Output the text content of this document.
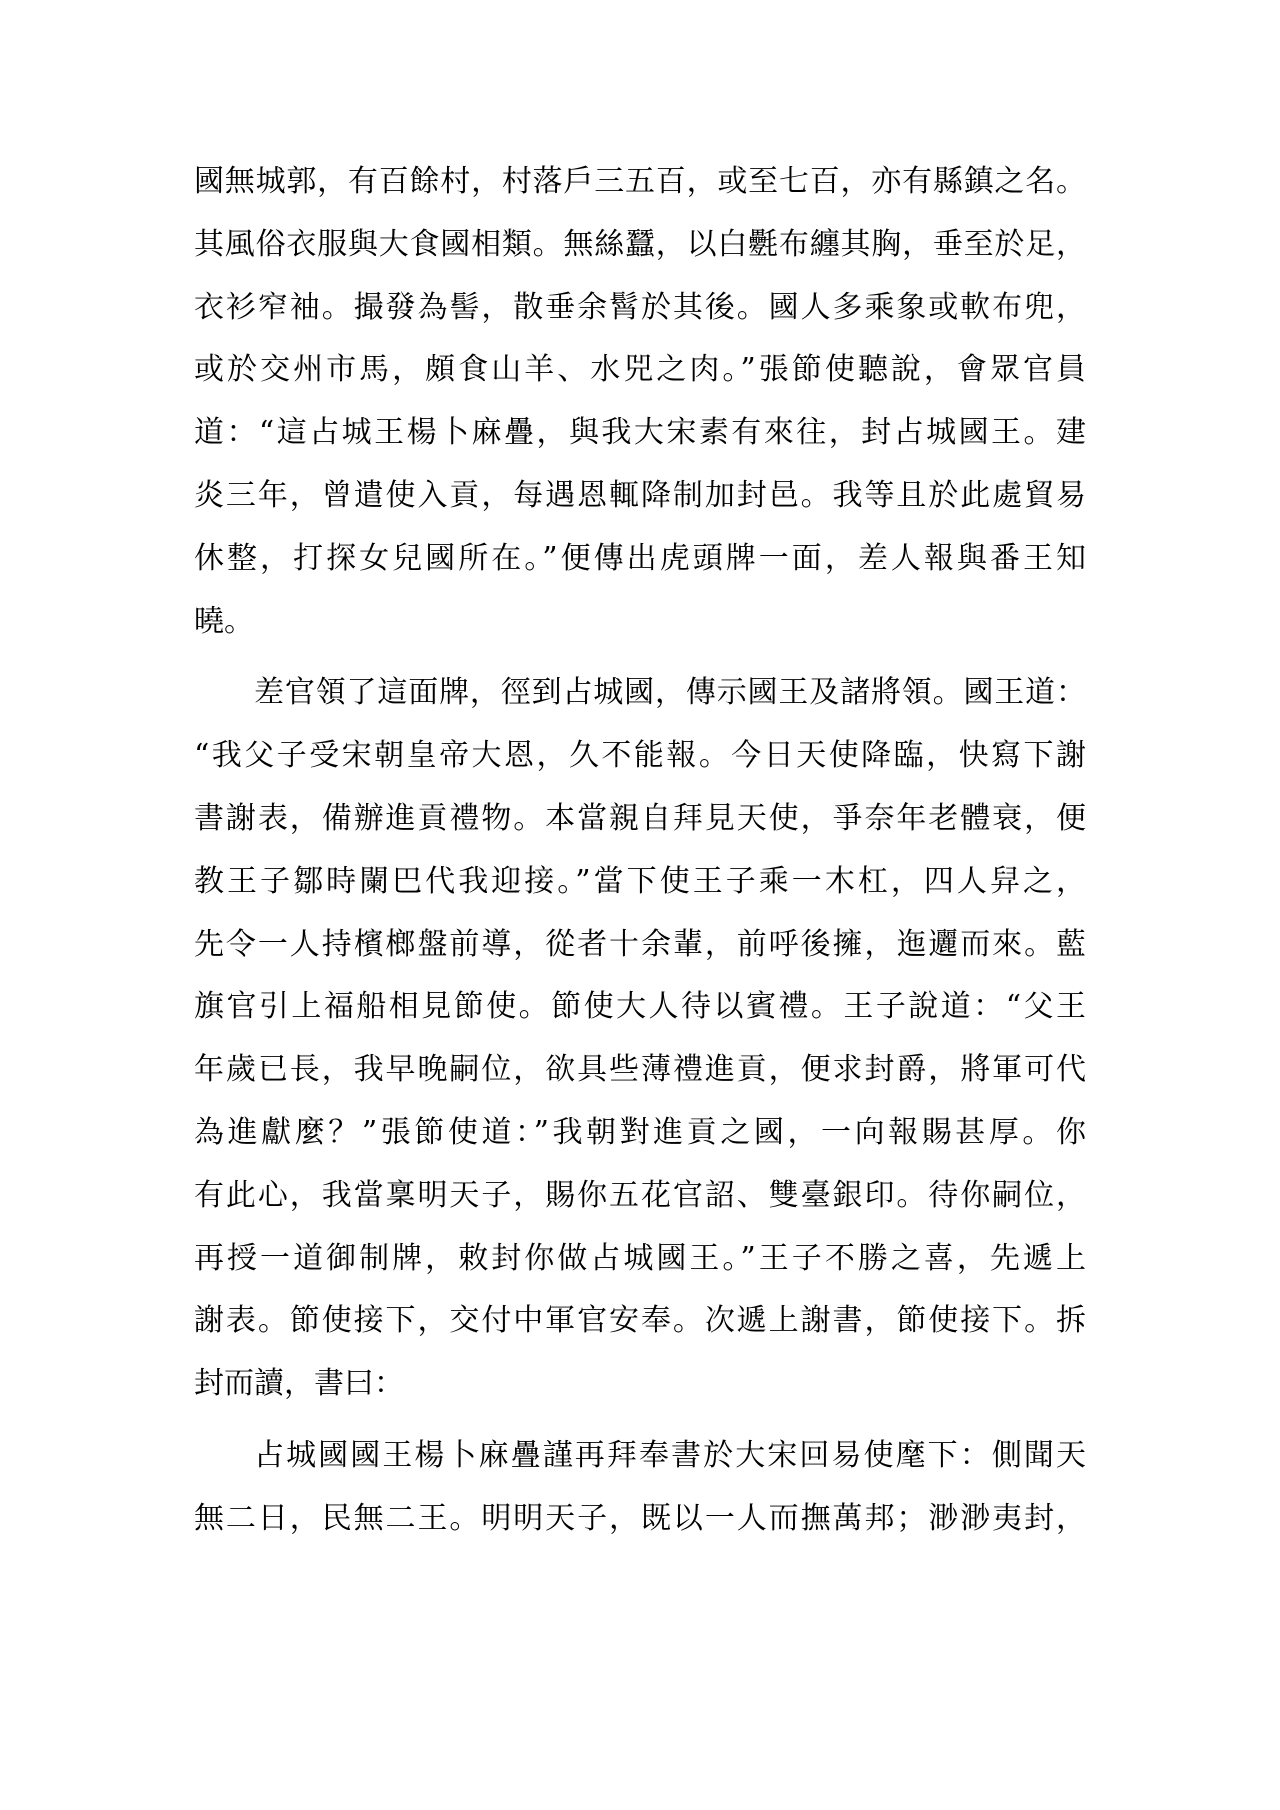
國無城郭，有百餘村，村落戶三五百，或至七百，亦有縣鎮之名。
其風俗衣服與大食國相類。無絲蠶，以白氎布纏其胸，垂至於足，
衣衫窄袖。撮發為髻，散垂余髾於其後。國人多乘象或軟布兜，
或於交州市馬，頗食山羊、水兕之肉。”張節使聽說，會眾官員
道：“這占城王楊卜麻疊，與我大宋素有來往，封占城國王。建
炎三年，曾遣使入貢，每遇恩輒降制加封邑。我等且於此處貿易
休整，打探女兒國所在。”便傳出虎頭牌一面，差人報與番王知
曉。
差官領了這面牌，徑到占城國，傳示國王及諸將領。國王道：
“我父子受宋朝皇帝大恩，久不能報。今日天使降臨，快寫下謝
書謝表，備辦進貢禮物。本當親自拜見天使，爭奈年老體衰，便
教王子鄒時闌巴代我迎接。”當下使王子乘一木杠，四人舁之，
先令一人持檳榔盤前導，從者十余輩，前呼後擁，迤邐而來。藍
旗官引上福船相見節使。節使大人待以賓禮。王子說道：“父王
年歲已長，我早晚嗣位，欲具些薄禮進貢，便求封爵，將軍可代
為進獻麼？”張節使道：”我朝對進貢之國，一向報賜甚厚。你
有此心，我當稟明天子，賜你五花官詔、雙臺銀印。待你嗣位，
再授一道御制牌，敕封你做占城國王。”王子不勝之喜，先遞上
謝表。節使接下，交付中軍官安奉。次遞上謝書，節使接下。拆
封而讀，書曰：
占城國國王楊卜麻疊謹再拜奉書於大宋回易使麾下：側聞天
無二日，民無二王。明明天子，既以一人而撫萬邦；渺渺夷封，
